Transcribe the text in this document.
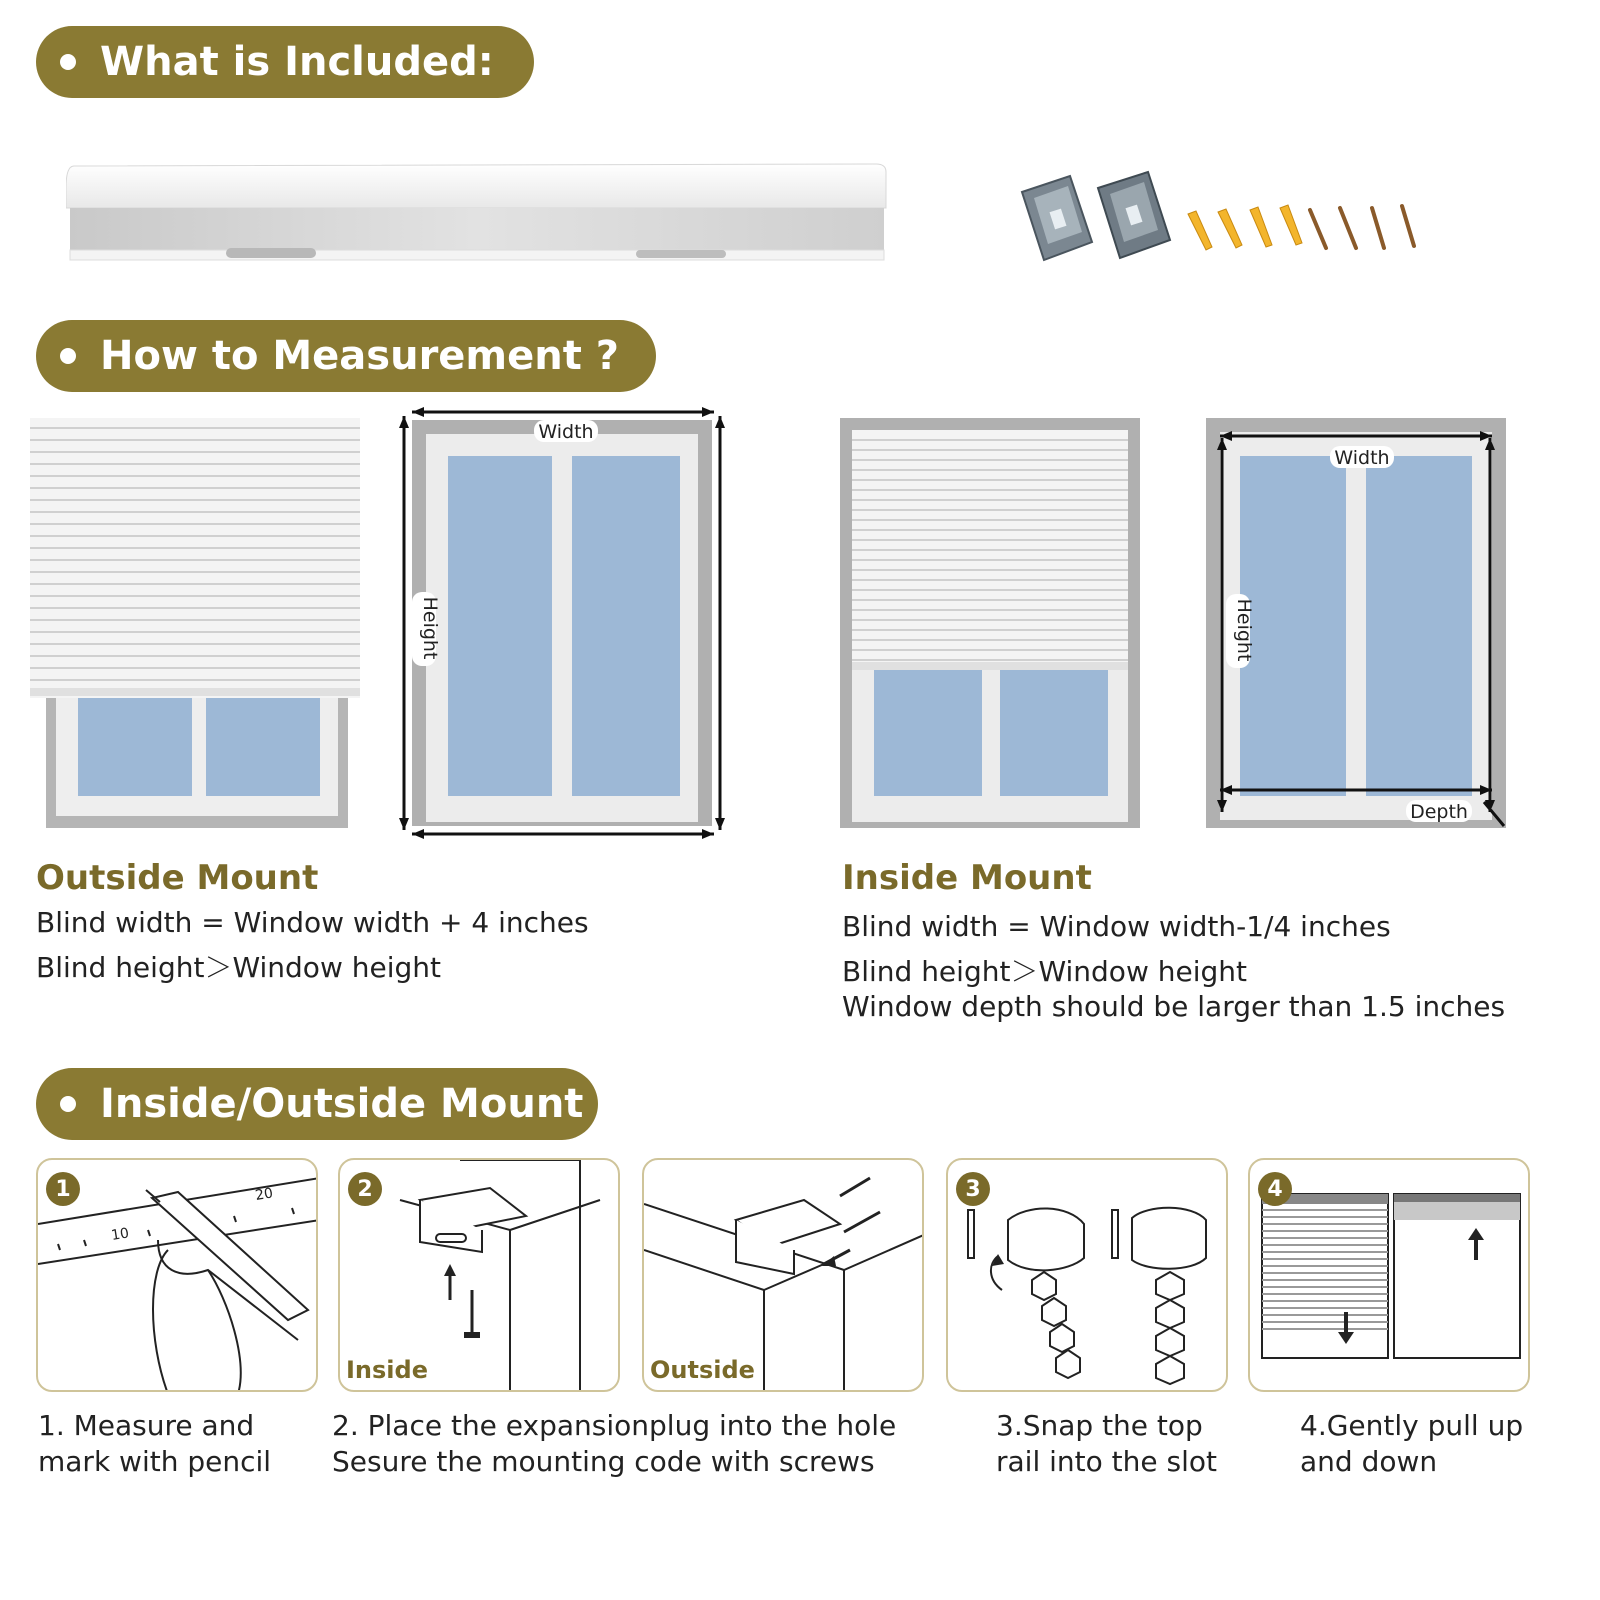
What is Included:
How to Measurement ?
Width
Height
Width
Height
Depth
Outside Mount
Blind width = Window width + 4 inches
Blind height＞Window height
Inside Mount
Blind width = Window width-1/4 inches
Blind height＞Window height
Window depth should be larger than 1.5 inches
Inside/Outside Mount
10
20
1	2
Inside	Outside
3	4
1. Measure and
mark with pencil
2. Place the expansionplug into the hole
Sesure the mounting code with screws
3.Snap the top
rail into the slot
4.Gently pull up
and down
